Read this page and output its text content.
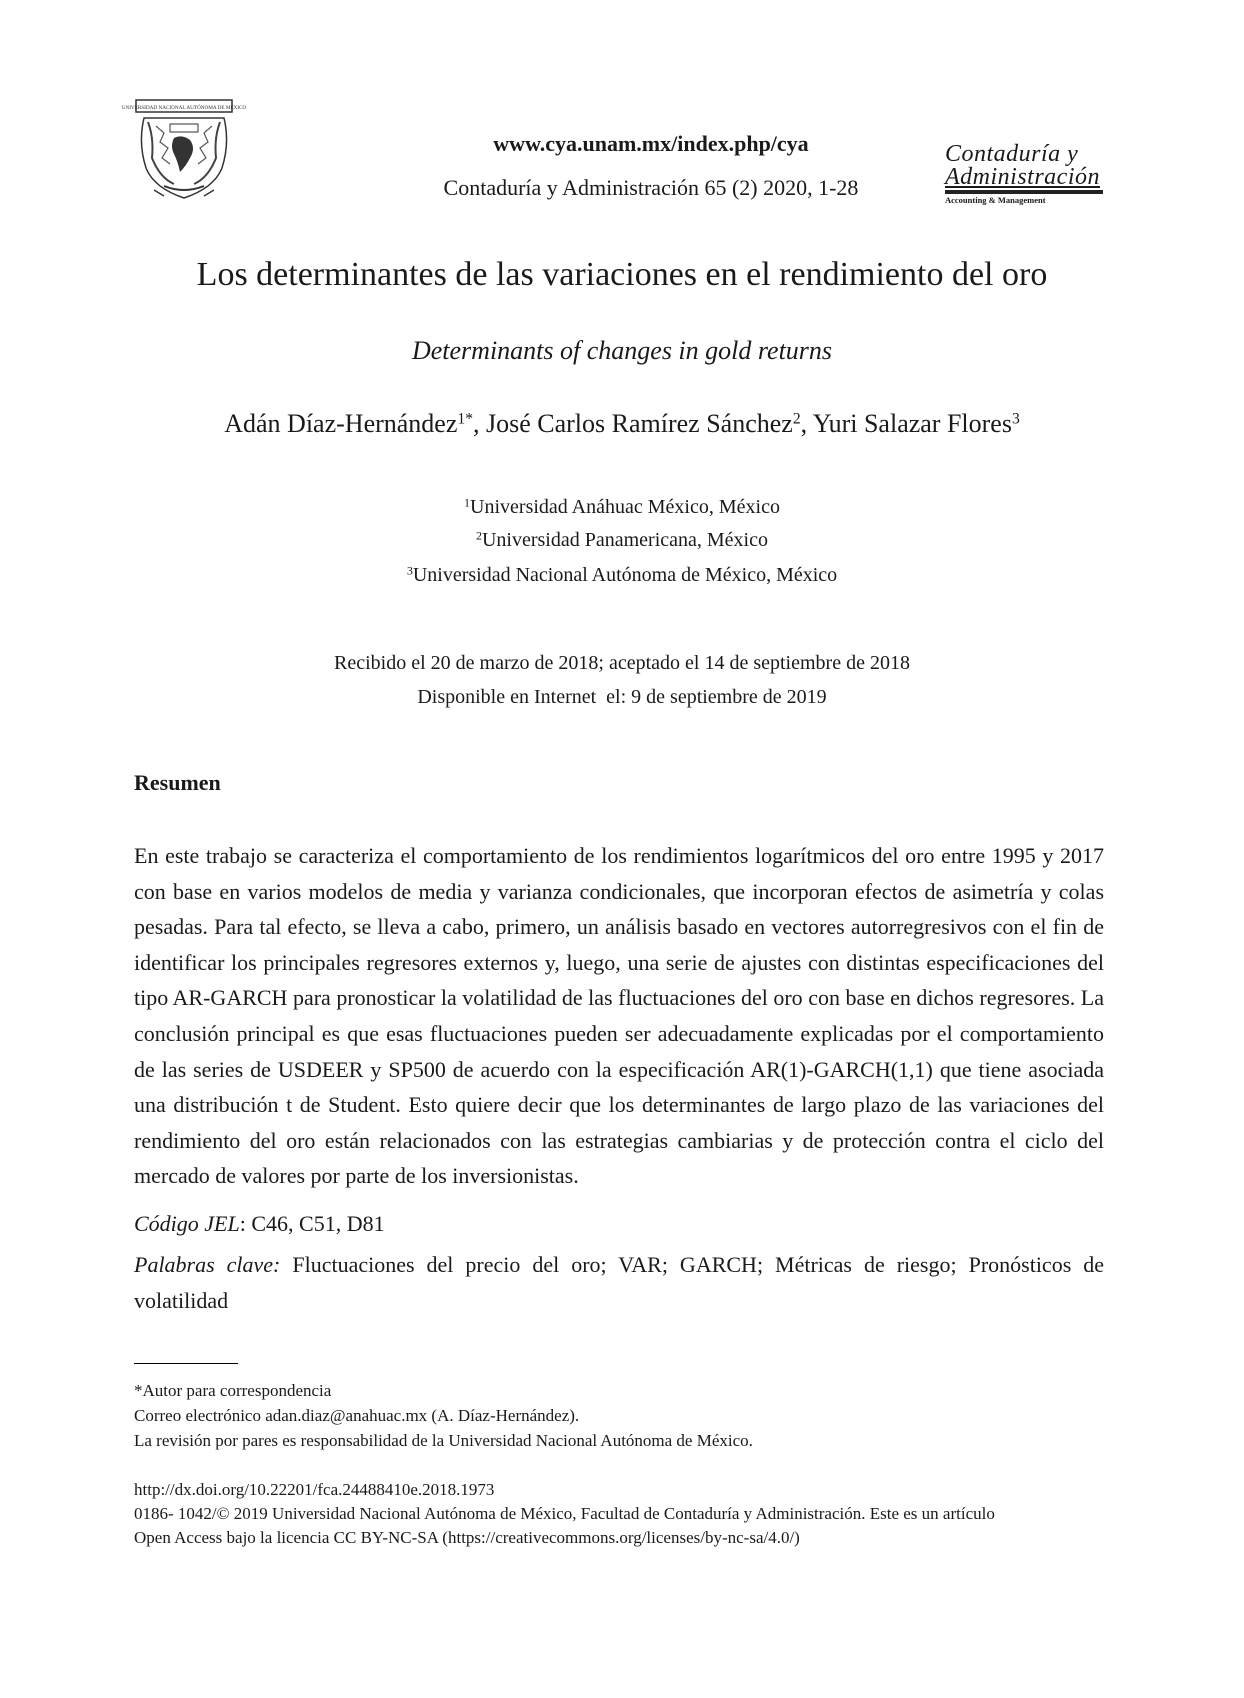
UNIVERSIDAD NACIONAL AUTÓNOMA DE MÉXICO
www.cya.unam.mx/index.php/cya
Contaduría y Administración 65 (2) 2020, 1-28
Contaduría y
Administración
Accounting & Management
Los determinantes de las variaciones en el rendimiento del oro
Determinants of changes in gold returns
Adán Díaz-Hernández$^{1*}$, José Carlos Ramírez Sánchez$^2$, Yuri Salazar Flores$^3$
$^1$Universidad Anáhuac México, México
$^2$Universidad Panamericana, México
$^3$Universidad Nacional Autónoma de México, México
Recibido el 20 de marzo de 2018; aceptado el 14 de septiembre de 2018
Disponible en Internet  el: 9 de septiembre de 2019
Resumen
En este trabajo se caracteriza el comportamiento de los rendimientos logarítmicos del oro entre 1995 y 2017 con base en varios modelos de media y varianza condicionales, que incorporan efectos de asimetría y colas pesadas. Para tal efecto, se lleva a cabo, primero, un análisis basado en vectores autorregresivos con el fin de identificar los principales regresores externos y, luego, una serie de ajustes con distintas especificaciones del tipo AR-GARCH para pronosticar la volatilidad de las fluctuaciones del oro con base en dichos regresores. La conclusión principal es que esas fluctuaciones pueden ser adecuadamente explicadas por el comportamiento de las series de USDEER y SP500 de acuerdo con la especificación AR(1)-GARCH(1,1) que tiene asociada una distribución t de Student. Esto quiere decir que los determinantes de largo plazo de las variaciones del rendimiento del oro están relacionados con las estrategias cambiarias y de protección contra el ciclo del mercado de valores por parte de los inversionistas.
Código JEL: C46, C51, D81
Palabras clave: Fluctuaciones del precio del oro; VAR; GARCH; Métricas de riesgo; Pronósticos de volatilidad
*Autor para correspondencia
Correo electrónico adan.diaz@anahuac.mx (A. Díaz-Hernández).
La revisión por pares es responsabilidad de la Universidad Nacional Autónoma de México.
http://dx.doi.org/10.22201/fca.24488410e.2018.1973
0186- 1042/© 2019 Universidad Nacional Autónoma de México, Facultad de Contaduría y Administración. Este es un artículo
Open Access bajo la licencia CC BY-NC-SA (https://creativecommons.org/licenses/by-nc-sa/4.0/)
